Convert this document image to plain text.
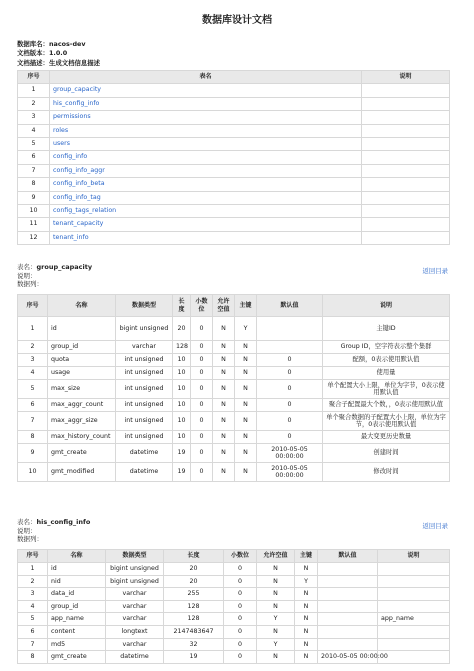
数据库设计文档
数据库名：nacos-dev
文档版本：1.0.0
文档描述：生成文档信息描述
序号	表名	说明
1	group_capacity	
2	his_config_info	
3	permissions	
4	roles	
5	users	
6	config_info	
7	config_info_aggr	
8	config_info_beta	
9	config_info_tag	
10	config_tags_relation	
11	tenant_capacity	
12	tenant_info	
表名：group_capacity
说明：
数据列：
返回目录
序号	名称	数据类型	长度	小数位	允许空值	主键	默认值	说明
1	id	bigint unsigned	20	0	N	Y		主键ID
2	group_id	varchar	128	0	N	N		Group ID，空字符表示整个集群
3	quota	int unsigned	10	0	N	N	0	配额，0表示使用默认值
4	usage	int unsigned	10	0	N	N	0	使用量
5	max_size	int unsigned	10	0	N	N	0	单个配置大小上限，单位为字节，0表示使用默认值
6	max_aggr_count	int unsigned	10	0	N	N	0	聚合子配置最大个数，，0表示使用默认值
7	max_aggr_size	int unsigned	10	0	N	N	0	单个聚合数据的子配置大小上限，单位为字节，0表示使用默认值
8	max_history_count	int unsigned	10	0	N	N	0	最大变更历史数量
9	gmt_create	datetime	19	0	N	N	2010-05-05 00:00:00	创建时间
10	gmt_modified	datetime	19	0	N	N	2010-05-05 00:00:00	修改时间
表名：his_config_info
说明：
数据列：
返回目录
序号	名称	数据类型	长度	小数位	允许空值	主键	默认值	说明
1	id	bigint unsigned	20	0	N	N		
2	nid	bigint unsigned	20	0	N	Y		
3	data_id	varchar	255	0	N	N		
4	group_id	varchar	128	0	N	N		
5	app_name	varchar	128	0	Y	N		app_name
6	content	longtext	2147483647	0	N	N		
7	md5	varchar	32	0	Y	N		
8	gmt_create	datetime	19	0	N	N	2010-05-05 00:00:00	
